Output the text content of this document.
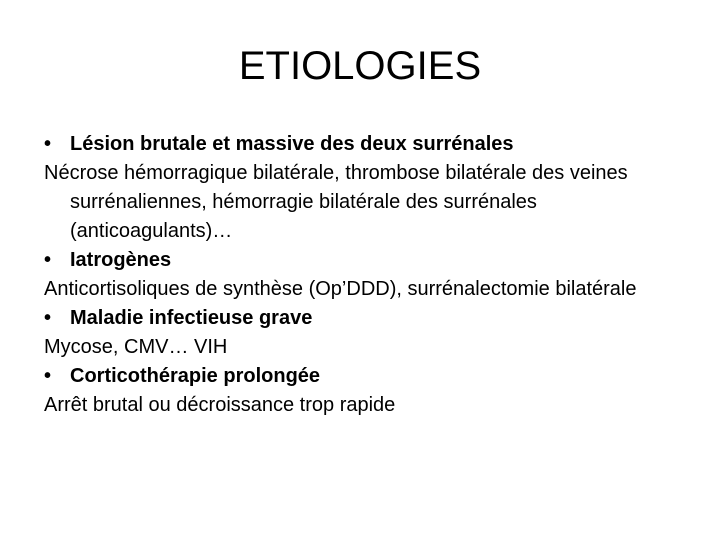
ETIOLOGIES
• Lésion brutale et massive des deux surrénales
Nécrose hémorragique bilatérale, thrombose bilatérale des veines surrénaliennes, hémorragie bilatérale des surrénales (anticoagulants)…
• Iatrogènes
Anticortisoliques de synthèse (Op’DDD), surrénalectomie bilatérale
• Maladie infectieuse grave
Mycose, CMV… VIH
• Corticothérapie prolongée
Arrêt brutal ou décroissance trop rapide
